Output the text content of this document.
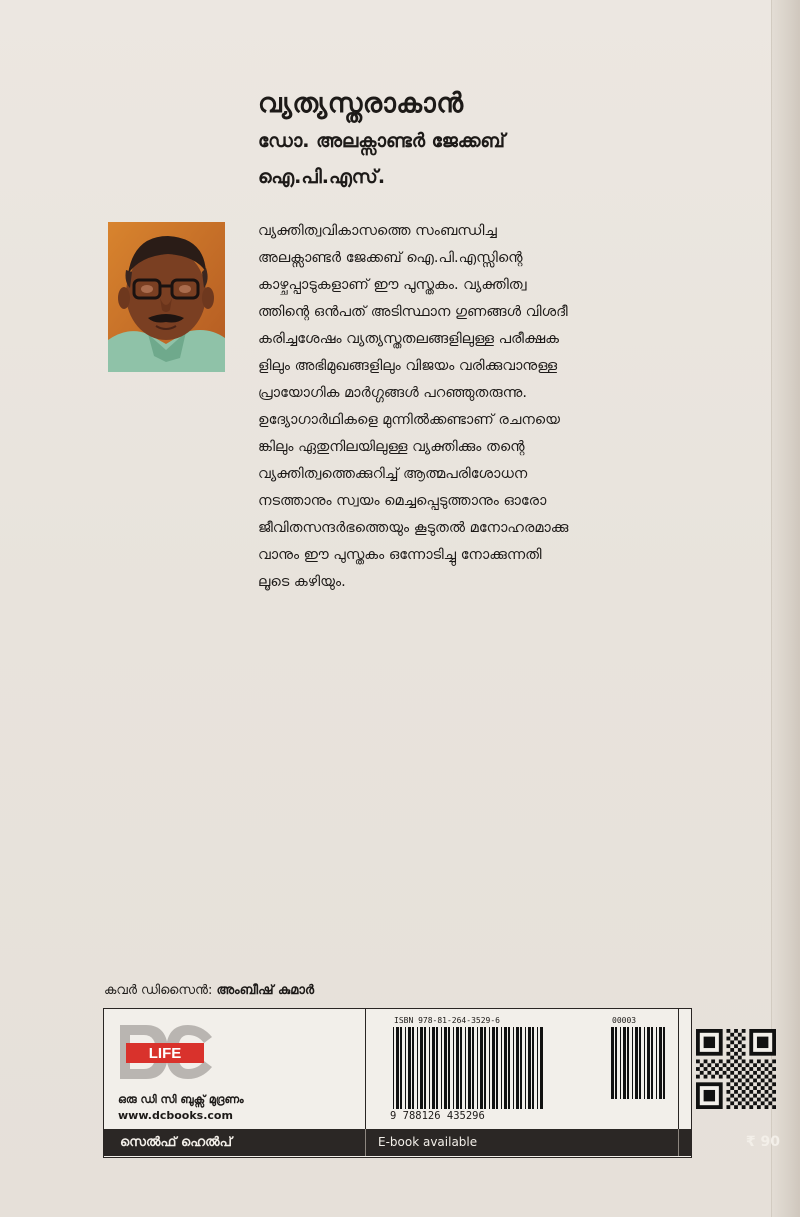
വ്യത്യസ്തരാകാൻ
ഡോ. അലക്സാണ്ടർ ജേക്കബ്
ഐ.പി.എസ്.
വ്യക്തിത്വവികാസത്തെ സംബന്ധിച്ച
അലക്സാണ്ടർ ജേക്കബ് ഐ.പി.എസ്സിന്റെ
കാഴ്ചപ്പാടുകളാണ് ഈ പുസ്തകം. വ്യക്തിത്വ
ത്തിന്റെ ഒൻപത് അടിസ്ഥാന ഗുണങ്ങൾ വിശദീ
കരിച്ചശേഷം വ്യത്യസ്തതലങ്ങളിലുള്ള പരീക്ഷക
ളിലും അഭിമുഖങ്ങളിലും വിജയം വരിക്കുവാനുള്ള
പ്രായോഗിക മാർഗ്ഗങ്ങൾ പറഞ്ഞുതരുന്നു.
ഉദ്യോഗാർഥികളെ മുന്നിൽക്കണ്ടാണ് രചനയെ
ങ്കിലും ഏതുനിലയിലുള്ള വ്യക്തിക്കും തന്റെ
വ്യക്തിത്വത്തെക്കുറിച്ച് ആത്മപരിശോധന
നടത്താനും സ്വയം മെച്ചപ്പെടുത്താനും ഓരോ
ജീവിതസന്ദർഭത്തെയും കൂടുതൽ മനോഹരമാക്കു
വാനും ഈ പുസ്തകം ഒന്നോടിച്ചു നോക്കുന്നതി
ലൂടെ കഴിയും.
കവർ ഡിസൈൻ: അംബീഷ് കുമാർ
LIFE
ഒരു ഡി സി ബുക്സ് മുദ്രണം
www.dcbooks.com
ISBN 978-81-264-3529-6	00003
9 788126 435296
സെൽഫ് ഹെൽപ്	E-book available	₹ 90
